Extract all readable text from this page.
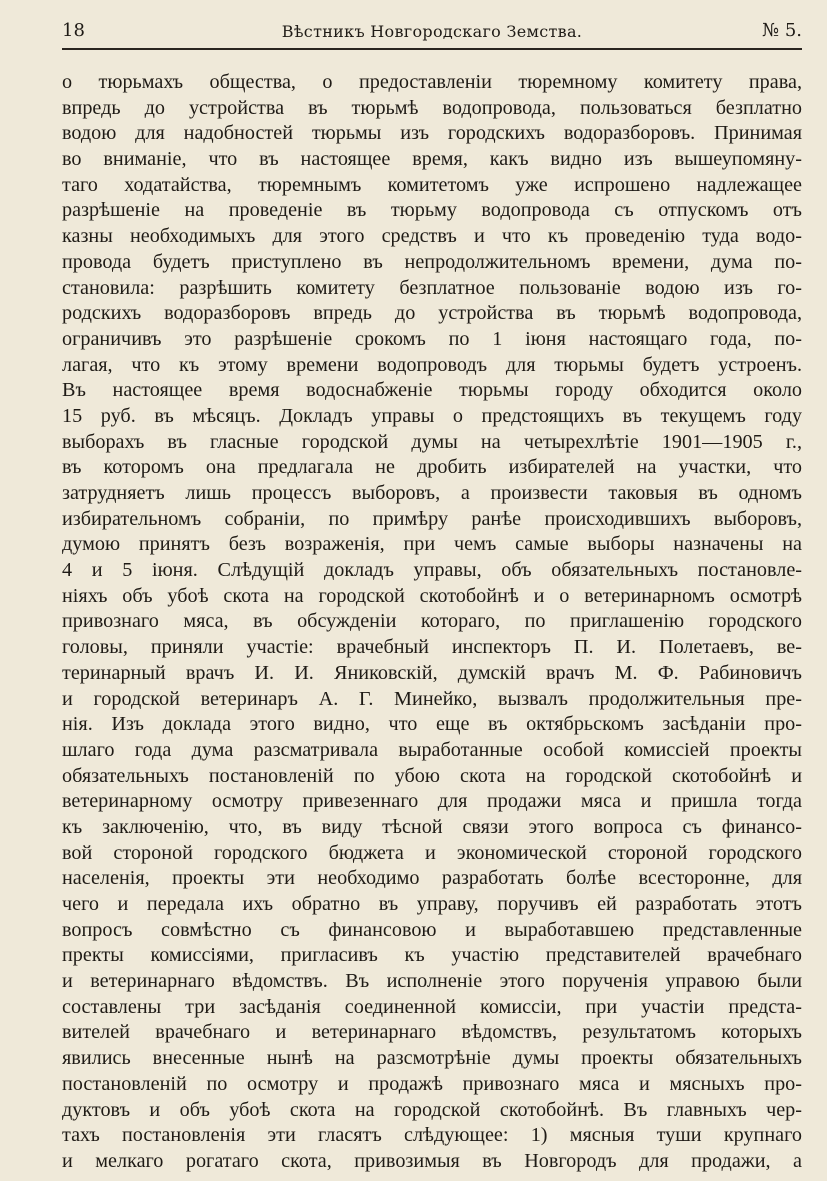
18	Вѣстникъ Новгородскаго Земства.	№ 5.
о тюрьмахъ общества, о предоставленіи тюремному комитету права,
впредь до устройства въ тюрьмѣ водопровода, пользоваться безплатно
водою для надобностей тюрьмы изъ городскихъ водоразборовъ. Принимая
во вниманіе, что въ настоящее время, какъ видно изъ вышеупомяну-
таго ходатайства, тюремнымъ комитетомъ уже испрошено надлежащее
разрѣшеніе на проведеніе въ тюрьму водопровода съ отпускомъ отъ
казны необходимыхъ для этого средствъ и что къ проведенію туда водо-
провода будетъ приступлено въ непродолжительномъ времени, дума по-
становила: разрѣшить комитету безплатное пользованіе водою изъ го-
родскихъ водоразборовъ впредь до устройства въ тюрьмѣ водопровода,
ограничивъ это разрѣшеніе срокомъ по 1 іюня настоящаго года, по-
лагая, что къ этому времени водопроводъ для тюрьмы будетъ устроенъ.
Въ настоящее время водоснабженіе тюрьмы городу обходится около
15 руб. въ мѣсяцъ. Докладъ управы о предстоящихъ въ текущемъ году
выборахъ въ гласные городской думы на четырехлѣтіе 1901—1905 г.,
въ которомъ она предлагала не дробить избирателей на участки, что
затрудняетъ лишь процессъ выборовъ, а произвести таковыя въ одномъ
избирательномъ собраніи, по примѣру ранѣе происходившихъ выборовъ,
думою принятъ безъ возраженія, при чемъ самые выборы назначены на
4 и 5 іюня. Слѣдущій докладъ управы, объ обязательныхъ постановле-
ніяхъ объ убоѣ скота на городской скотобойнѣ и о ветеринарномъ осмотрѣ
привознаго мяса, въ обсужденіи котораго, по приглашенію городского
головы, приняли участіе: врачебный инспекторъ П. И. Полетаевъ, ве-
теринарный врачъ И. И. Яниковскій, думскій врачъ М. Ф. Рабиновичъ
и городской ветеринаръ А. Г. Минейко, вызвалъ продолжительныя пре-
нія. Изъ доклада этого видно, что еще въ октябрьскомъ засѣданіи про-
шлаго года дума разсматривала выработанные особой комиссіей проекты
обязательныхъ постановленій по убою скота на городской скотобойнѣ и
ветеринарному осмотру привезеннаго для продажи мяса и пришла тогда
къ заключенію, что, въ виду тѣсной связи этого вопроса съ финансо-
вой стороной городского бюджета и экономической стороной городского
населенія, проекты эти необходимо разработать болѣе всесторонне, для
чего и передала ихъ обратно въ управу, поручивъ ей разработать этотъ
вопросъ совмѣстно съ финансовою и выработавшею представленные
пректы комиссіями, пригласивъ къ участію представителей врачебнаго
и ветеринарнаго вѣдомствъ. Въ исполненіе этого порученія управою были
составлены три засѣданія соединенной комиссіи, при участіи предста-
вителей врачебнаго и ветеринарнаго вѣдомствъ, результатомъ которыхъ
явились внесенные нынѣ на разсмотрѣніе думы проекты обязательныхъ
постановленій по осмотру и продажѣ привознаго мяса и мясныхъ про-
дуктовъ и объ убоѣ скота на городской скотобойнѣ. Въ главныхъ чер-
тахъ постановленія эти гласятъ слѣдующее: 1) мясныя туши крупнаго
и мелкаго рогатаго скота, привозимыя въ Новгородъ для продажи, а
